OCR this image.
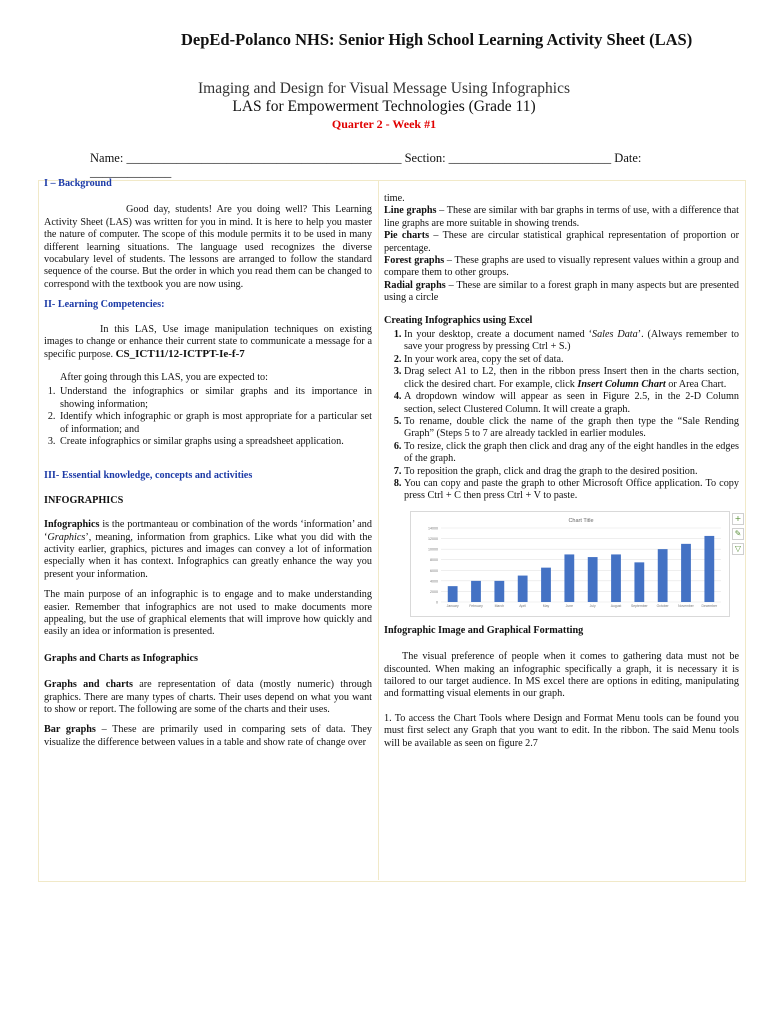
DepEd-Polanco NHS: Senior High School Learning Activity Sheet (LAS)
Imaging and Design for Visual Message Using Infographics
LAS for Empowerment Technologies (Grade 11)
Quarter 2 - Week #1
Name: ____________________________________________ Section: __________________________ Date: _____________

I – Background

Good day, students! Are you doing well? This Learning Activity Sheet (LAS) was written for you in mind. It is here to help you master the nature of computer. The scope of this module permits it to be used in many different learning situations. The language used recognizes the diverse vocabulary level of students. The lessons are arranged to follow the standard sequence of the course. But the order in which you read them can be changed to correspond with the textbook you are now using.

II- Learning Competencies:

In this LAS, Use image manipulation techniques on existing images to change or enhance their current state to communicate a message for a specific purpose. CS_ICT11/12-ICTPT-Ie-f-7

After going through this LAS, you are expected to:

1. Understand the infographics or similar graphs and its importance in showing information;
2. Identify which infographic or graph is most appropriate for a particular set of information; and
3. Create infographics or similar graphs using a spreadsheet application.

III- Essential knowledge, concepts and activities

INFOGRAPHICS

Infographics is the portmanteau or combination of the words ‘information’ and ‘Graphics’, meaning, information from graphics. Like what you did with the activity earlier, graphics, pictures and images can convey a lot of information especially when it has context. Infographics can greatly enhance the way you present your information.

The main purpose of an infographic is to engage and to make understanding easier. Remember that infographics are not used to make documents more appealing, but the use of graphical elements that will improve how quickly and easily an idea or information is presented.

Graphs and Charts as Infographics

Graphs and charts are representation of data (mostly numeric) through graphics. There are many types of charts. Their uses depend on what you want to show or report. The following are some of the charts and their uses.

Bar graphs – These are primarily used in comparing sets of data. They visualize the difference between values in a table and show rate of change over

time.
Line graphs – These are similar with bar graphs in terms of use, with a difference that line graphs are more suitable in showing trends.
Pie charts – These are circular statistical graphical representation of proportion or percentage.
Forest graphs – These graphs are used to visually represent values within a group and compare them to other groups.
Radial graphs – These are similar to a forest graph in many aspects but are presented using a circle

Creating Infographics using Excel

1. In your desktop, create a document named ‘Sales Data’. (Always remember to save your progress by pressing Ctrl + S.)
2. In your work area, copy the set of data.
3. Drag select A1 to L2, then in the ribbon press Insert then in the charts section, click the desired chart. For example, click Insert Column Chart or Area Chart.
4. A dropdown window will appear as seen in Figure 2.5, in the 2-D Column section, select Clustered Column. It will create a graph.
5. To rename, double click the name of the graph then type the “Sale Rending Graph” (Steps 5 to 7 are already tackled in earlier modules.
6. To resize, click the graph then click and drag any of the eight handles in the edges of the graph.
7. To reposition the graph, click and drag the graph to the desired position.
8. You can copy and paste the graph to other Microsoft Office application. To copy press Ctrl + C then press Ctrl + V to paste.
Chart Title
0
2000
4000
6000
8000
10000
12000
14000
January	February	March	April	May	June	July	August	September	October	November December
+
✎
▽

Infographic Image and Graphical Formatting

The visual preference of people when it comes to gathering data must not be discounted. When making an infographic specifically a graph, it is necessary it is tailored to our target audience. In MS excel there are options in editing, manipulating and formatting visual elements in our graph.

1. To access the Chart Tools where Design and Format Menu tools can be found you must first select any Graph that you want to edit. In the ribbon. The said Menu tools will be available as seen on figure 2.7
